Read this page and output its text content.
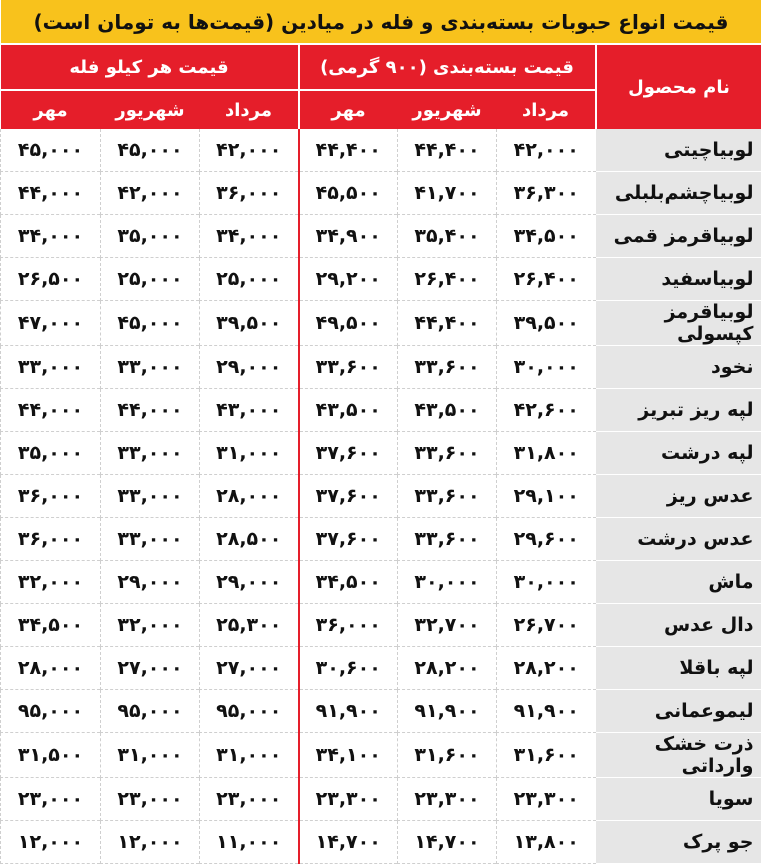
قیمت انواع حبوبات بسته‌بندی و فله در میادین (قیمت‌ها به تومان است)						
نام محصول	قیمت بسته‌بندی (۹۰۰ گرمی)			قیمت هر کیلو فله		
	مرداد	شهریور	مهر	مرداد	شهریور	مهر
لوبیاچیتی	۴۲,۰۰۰	۴۴,۴۰۰	۴۴,۴۰۰	۴۲,۰۰۰	۴۵,۰۰۰	۴۵,۰۰۰
لوبیاچشم‌بلبلی	۳۶,۳۰۰	۴۱,۷۰۰	۴۵,۵۰۰	۳۶,۰۰۰	۴۲,۰۰۰	۴۴,۰۰۰
لوبیاقرمز قمی	۳۴,۵۰۰	۳۵,۴۰۰	۳۴,۹۰۰	۳۴,۰۰۰	۳۵,۰۰۰	۳۴,۰۰۰
لوبیاسفید	۲۶,۴۰۰	۲۶,۴۰۰	۲۹,۲۰۰	۲۵,۰۰۰	۲۵,۰۰۰	۲۶,۵۰۰
لوبیاقرمز کپسولی	۳۹,۵۰۰	۴۴,۴۰۰	۴۹,۵۰۰	۳۹,۵۰۰	۴۵,۰۰۰	۴۷,۰۰۰
نخود	۳۰,۰۰۰	۳۳,۶۰۰	۳۳,۶۰۰	۲۹,۰۰۰	۳۳,۰۰۰	۳۳,۰۰۰
لپه ریز تبریز	۴۲,۶۰۰	۴۳,۵۰۰	۴۳,۵۰۰	۴۳,۰۰۰	۴۴,۰۰۰	۴۴,۰۰۰
لپه درشت	۳۱,۸۰۰	۳۳,۶۰۰	۳۷,۶۰۰	۳۱,۰۰۰	۳۳,۰۰۰	۳۵,۰۰۰
عدس ریز	۲۹,۱۰۰	۳۳,۶۰۰	۳۷,۶۰۰	۲۸,۰۰۰	۳۳,۰۰۰	۳۶,۰۰۰
عدس درشت	۲۹,۶۰۰	۳۳,۶۰۰	۳۷,۶۰۰	۲۸,۵۰۰	۳۳,۰۰۰	۳۶,۰۰۰
ماش	۳۰,۰۰۰	۳۰,۰۰۰	۳۴,۵۰۰	۲۹,۰۰۰	۲۹,۰۰۰	۳۲,۰۰۰
دال عدس	۲۶,۷۰۰	۳۲,۷۰۰	۳۶,۰۰۰	۲۵,۳۰۰	۳۲,۰۰۰	۳۴,۵۰۰
لپه باقلا	۲۸,۲۰۰	۲۸,۲۰۰	۳۰,۶۰۰	۲۷,۰۰۰	۲۷,۰۰۰	۲۸,۰۰۰
لیموعمانی	۹۱,۹۰۰	۹۱,۹۰۰	۹۱,۹۰۰	۹۵,۰۰۰	۹۵,۰۰۰	۹۵,۰۰۰
ذرت خشک وارداتی	۳۱,۶۰۰	۳۱,۶۰۰	۳۴,۱۰۰	۳۱,۰۰۰	۳۱,۰۰۰	۳۱,۵۰۰
سویا	۲۳,۳۰۰	۲۳,۳۰۰	۲۳,۳۰۰	۲۳,۰۰۰	۲۳,۰۰۰	۲۳,۰۰۰
جو پرک	۱۳,۸۰۰	۱۴,۷۰۰	۱۴,۷۰۰	۱۱,۰۰۰	۱۲,۰۰۰	۱۲,۰۰۰
